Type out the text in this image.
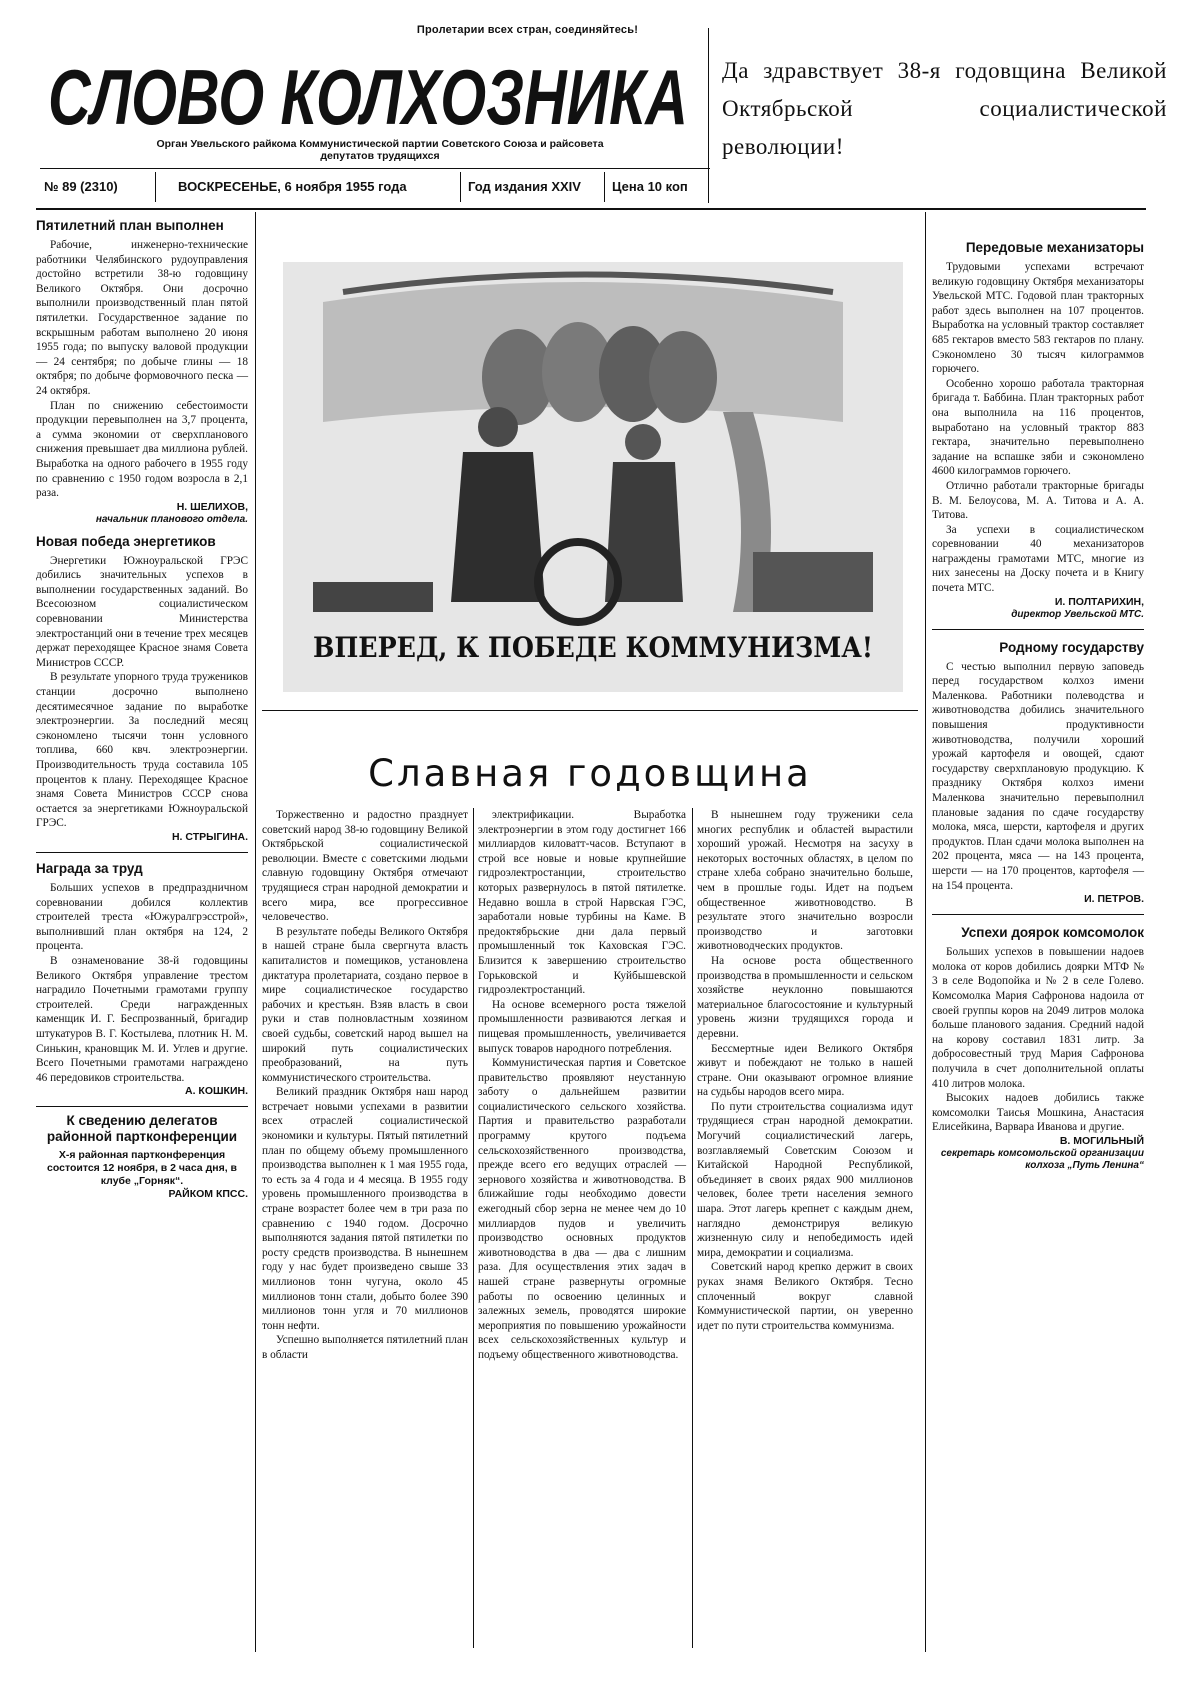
Пролетарии всех стран, соединяйтесь!
СЛОВО КОЛХОЗНИКА
Орган Увельского райкома Коммунистической партии Советского Союза и райсовета депутатов трудящихся
Да здравствует 38-я годовщина Великой Октябрьской социалистической революции!
№ 89 (2310)	ВОСКРЕСЕНЬЕ, 6 ноября 1955 года	Год издания XXIV	Цена 10 коп
Пятилетний план выполнен

Рабочие, инженерно-технические работники Челябинского рудоуправления достойно встретили 38-ю годовщину Великого Октября. Они досрочно выполнили производственный план пятой пятилетки. Государственное задание по вскрышным работам выполнено 20 июня 1955 года; по выпуску валовой продукции — 24 сентября; по добыче глины — 18 октября; по добыче формовочного песка — 24 октября.

План по снижению себестоимости продукции перевыполнен на 3,7 процента, а сумма экономии от сверхпланового снижения превышает два миллиона рублей. Выработка на одного рабочего в 1955 году по сравнению с 1950 годом возросла в 2,1 раза.

Н. ШЕЛИХОВ,
начальник планового отдела.
Новая победа энергетиков

Энергетики Южноуральской ГРЭС добились значительных успехов в выполнении государственных заданий. Во Всесоюзном социалистическом соревновании Министерства электростанций они в течение трех месяцев держат переходящее Красное знамя Совета Министров СССР.

В результате упорного труда тружеников станции досрочно выполнено десятимесячное задание по выработке электроэнергии. За последний месяц сэкономлено тысячи тонн условного топлива, 660 квч. электроэнергии. Производительность труда составила 105 процентов к плану. Переходящее Красное знамя Совета Министров СССР снова остается за энергетиками Южноуральской ГРЭС.

Н. СТРЫГИНА.
Награда за труд

Больших успехов в предпраздничном соревновании добился коллектив строителей треста «Южуралгрэсстрой», выполнивший план октября на 124, 2 процента.

В ознаменование 38-й годовщины Великого Октября управление трестом наградило Почетными грамотами группу строителей. Среди награжденных каменщик И. Г. Беспрозванный, бригадир штукатуров В. Г. Костылева, плотник Н. М. Синькин, крановщик М. И. Углев и другие. Всего Почетными грамотами награждено 46 передовиков строительства.

А. КОШКИН.
К сведению делегатов районной партконференции
Х-я районная партконференция состоится 12 ноября, в 2 часа дня, в клубе „Горняк“.
РАЙКОМ КПСС.
ВПЕРЕД, К ПОБЕДЕ КОММУНИЗМА!
Славная годовщина

Торжественно и радостно празднует советский народ 38-ю годовщину Великой Октябрьской социалистической революции. Вместе с советскими людьми славную годовщину Октября отмечают трудящиеся стран народной демократии и всего мира, все прогрессивное человечество.

В результате победы Великого Октября в нашей стране была свергнута власть капиталистов и помещиков, установлена диктатура пролетариата, создано первое в мире социалистическое государство рабочих и крестьян. Взяв власть в свои руки и став полновластным хозяином своей судьбы, советский народ вышел на широкий путь социалистических преобразований, на путь коммунистического строительства.

Великий праздник Октября наш народ встречает новыми успехами в развитии всех отраслей социалистической экономики и культуры. Пятый пятилетний план по общему объему промышленного производства выполнен к 1 мая 1955 года, то есть за 4 года и 4 месяца. В 1955 году уровень промышленного производства в стране возрастет более чем в три раза по сравнению с 1940 годом. Досрочно выполняются задания пятой пятилетки по росту средств производства. В нынешнем году у нас будет произведено свыше 33 миллионов тонн чугуна, около 45 миллионов тонн стали, добыто более 390 миллионов тонн угля и 70 миллионов тонн нефти.

Успешно выполняется пятилетний план в области

электрификации. Выработка электроэнергии в этом году достигнет 166 миллиардов киловатт-часов. Вступают в строй все новые и новые крупнейшие гидроэлектростанции, строительство которых развернулось в пятой пятилетке. Недавно вошла в строй Нарвская ГЭС, заработали новые турбины на Каме. В предоктябрьские дни дала первый промышленный ток Каховская ГЭС. Близится к завершению строительство Горьковской и Куйбышевской гидроэлектростанций.

На основе всемерного роста тяжелой промышленности развиваются легкая и пищевая промышленность, увеличивается выпуск товаров народного потребления.

Коммунистическая партия и Советское правительство проявляют неустанную заботу о дальнейшем развитии социалистического сельского хозяйства. Партия и правительство разработали программу крутого подъема сельскохозяйственного производства, прежде всего его ведущих отраслей — зернового хозяйства и животноводства. В ближайшие годы необходимо довести ежегодный сбор зерна не менее чем до 10 миллиардов пудов и увеличить производство основных продуктов животноводства в два — два с лишним раза. Для осуществления этих задач в нашей стране развернуты огромные работы по освоению целинных и залежных земель, проводятся широкие мероприятия по повышению урожайности всех сельскохозяйственных культур и подъему общественного животноводства.

В нынешнем году труженики села многих республик и областей вырастили хороший урожай. Несмотря на засуху в некоторых восточных областях, в целом по стране хлеба собрано значительно больше, чем в прошлые годы. Идет на подъем общественное животноводство. В результате этого значительно возросли производство и заготовки животноводческих продуктов.

На основе роста общественного производства в промышленности и сельском хозяйстве неуклонно повышаются материальное благосостояние и культурный уровень жизни трудящихся города и деревни.

Бессмертные идеи Великого Октября живут и побеждают не только в нашей стране. Они оказывают огромное влияние на судьбы народов всего мира.

По пути строительства социализма идут трудящиеся стран народной демократии. Могучий социалистический лагерь, возглавляемый Советским Союзом и Китайской Народной Республикой, объединяет в своих рядах 900 миллионов человек, более трети населения земного шара. Этот лагерь крепнет с каждым днем, наглядно демонстрируя великую жизненную силу и непобедимость идей мира, демократии и социализма.

Советский народ крепко держит в своих руках знамя Великого Октября. Тесно сплоченный вокруг славной Коммунистической партии, он уверенно идет по пути строительства коммунизма.

Передовые механизаторы

Трудовыми успехами встречают великую годовщину Октября механизаторы Увельской МТС. Годовой план тракторных работ здесь выполнен на 107 процентов. Выработка на условный трактор составляет 685 гектаров вместо 583 гектаров по плану. Сэкономлено 30 тысяч килограммов горючего.

Особенно хорошо работала тракторная бригада т. Баббина. План тракторных работ она выполнила на 116 процентов, выработано на условный трактор 883 гектара, значительно перевыполнено задание на вспашке зяби и сэкономлено 4600 килограммов горючего.

Отлично работали тракторные бригады В. М. Белоусова, М. А. Титова и А. А. Титова.

За успехи в социалистическом соревновании 40 механизаторов награждены грамотами МТС, многие из них занесены на Доску почета и в Книгу почета МТС.

И. ПОЛТАРИХИН,
директор Увельской МТС.
Родному государству

С честью выполнил первую заповедь перед государством колхоз имени Маленкова. Работники полеводства и животноводства добились значительного повышения продуктивности животноводства, получили хороший урожай картофеля и овощей, сдают государству сверхплановую продукцию. К празднику Октября колхоз имени Маленкова значительно перевыполнил плановые задания по сдаче государству молока, мяса, шерсти, картофеля и других продуктов. План сдачи молока выполнен на 202 процента, мяса — на 143 процента, шерсти — на 170 процентов, картофеля — на 154 процента.

И. ПЕТРОВ.
Успехи доярок комсомолок

Больших успехов в повышении надоев молока от коров добились доярки МТФ № 3 в селе Водопойка и № 2 в селе Голево. Комсомолка Мария Сафронова надоила от своей группы коров на 2049 литров молока больше планового задания. Средний надой на корову составил 1831 литр. За добросовестный труд Мария Сафронова получила в счет дополнительной оплаты 410 литров молока.

Высоких надоев добились также комсомолки Таисья Мошкина, Анастасия Елисейкина, Варвара Иванова и другие.

В. МОГИЛЬНЫЙ
секретарь комсомольской организации колхоза „Путь Ленина“
